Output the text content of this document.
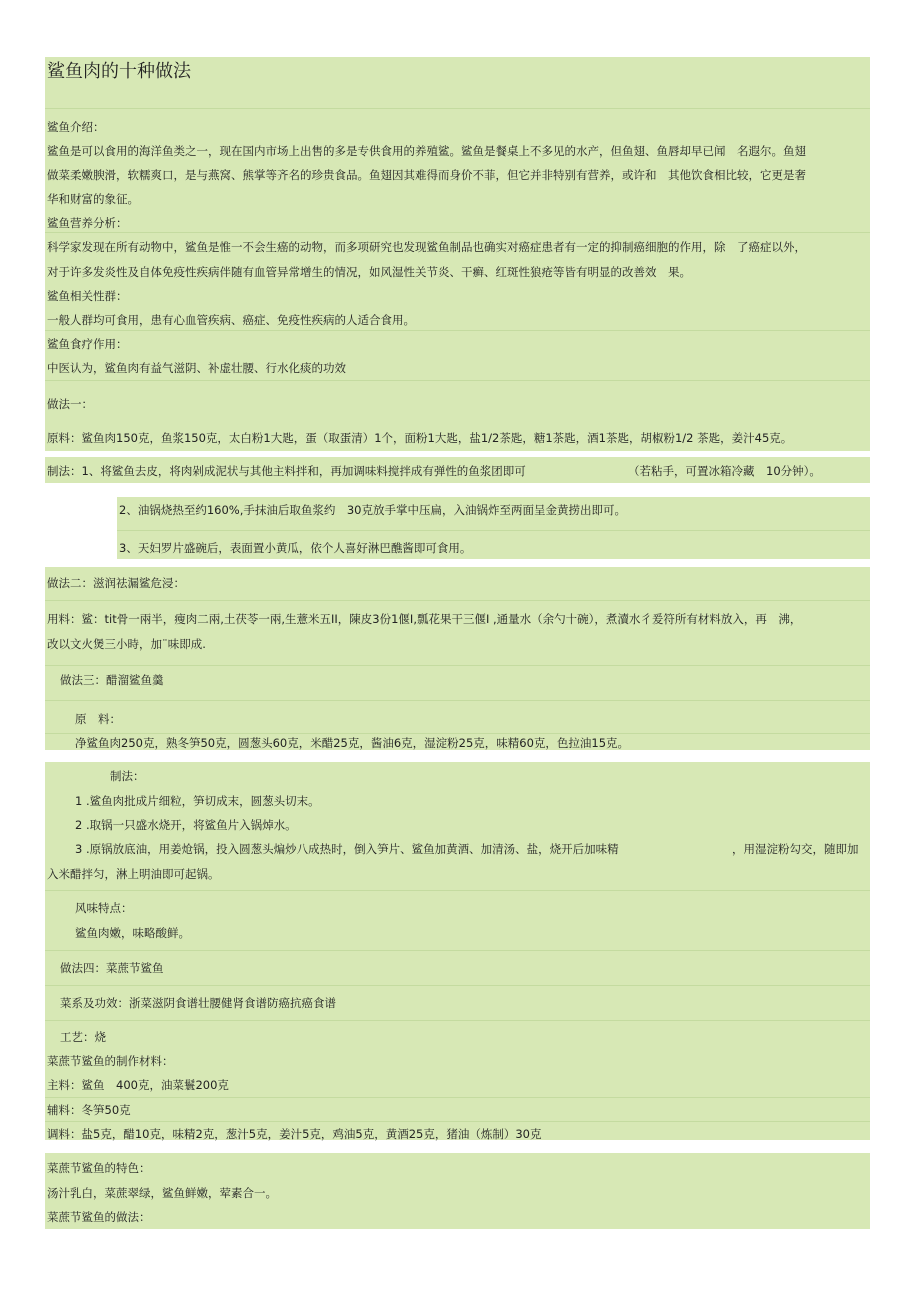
鲨鱼肉的十种做法
鲨鱼介绍：
鲨鱼是可以食用的海洋鱼类之一，现在国内市场上出售的多是专供食用的养殖鲨。鲨鱼是餐桌上不多见的水产，但鱼翅、鱼唇却早已闻　名遐尔。鱼翅
做菜柔嫩腴滑，软糯爽口，是与燕窝、熊掌等齐名的珍贵食品。鱼翅因其难得而身价不菲，但它并非特别有营养，或许和　其他饮食相比较，它更是奢
华和财富的象征。
鲨鱼营养分析：
科学家发现在所有动物中，鲨鱼是惟一不会生癌的动物，而多项研究也发现鲨鱼制品也确实对癌症患者有一定的抑制癌细胞的作用，除　了癌症以外，
对于许多发炎性及自体免疫性疾病伴随有血管异常增生的情况，如风湿性关节炎、干癣、红斑性狼疮等皆有明显的改善效　果。
鲨鱼相关性群：
一般人群均可食用，患有心血管疾病、癌症、免疫性疾病的人适合食用。
鲨鱼食疗作用：
中医认为，鲨鱼肉有益气滋阴、补虚壮腰、行水化痰的功效
做法一：
原料：鲨鱼肉150克，鱼浆150克，太白粉1大匙，蛋（取蛋清）1个，面粉1大匙，盐1/2茶匙，糖1茶匙，酒1茶匙，胡椒粉1/2 茶匙，姜汁45克。
制法：1、将鲨鱼去皮，将肉剁成泥状与其他主料拌和，再加调味料搅拌成有弹性的鱼浆团即可	（若粘手，可置冰箱冷藏　10分钟）。
2、油锅烧热至约160%,手抹油后取鱼浆约　30克放手掌中压扁，入油锅炸至两面呈金黄捞出即可。
3、天妇罗片盛碗后，表面置小黄瓜，依个人喜好淋巴醮酱即可食用。
做法二：滋润祛漏鲨危浸：
用料：鲨：tit骨一兩半，瘦肉二兩,土茯苓一兩,生薏米五II，陳皮3份1偃I,瓢花果干三偃I ,通量水（余勺十碗），煮瀆水彳爰符所有材料放入，再　沸，
改以文火煲三小時，加¨味即成.
做法三：醋溜鲨鱼羹
原　料：
净鲨鱼肉250克，熟冬笋50克，圆葱头60克，米醋25克，酱油6克，湿淀粉25克，味精60克，色拉油15克。
制法：
1 .鲨鱼肉批成片细粒，笋切成末，圆葱头切末。
2 .取锅一只盛水烧开，将鲨鱼片入锅焯水。
3 .原锅放底油，用姜炝锅，投入圆葱头煸炒八成热时，倒入笋片、鲨鱼加黄酒、加清汤、盐，烧开后加味精	，用湿淀粉勾交，随即加
入米醋拌匀，淋上明油即可起锅。
风味特点：
鲨鱼肉嫩，味略酸鲜。
做法四：菜蔗节鲨鱼
菜系及功效：浙菜滋阴食谱壮腰健肾食谱防癌抗癌食谱
工艺：烧
菜蔗节鲨鱼的制作材料：
主料：鲨鱼　400克，油菜鬟200克
辅料：冬笋50克
调料：盐5克，醋10克，味精2克，葱汁5克，姜汁5克，鸡油5克，黄酒25克，猪油（炼制）30克
菜蔗节鲨鱼的特色：
汤汁乳白，菜蔗翠绿，鲨鱼鲜嫩，荤素合一。
菜蔗节鲨鱼的做法：
